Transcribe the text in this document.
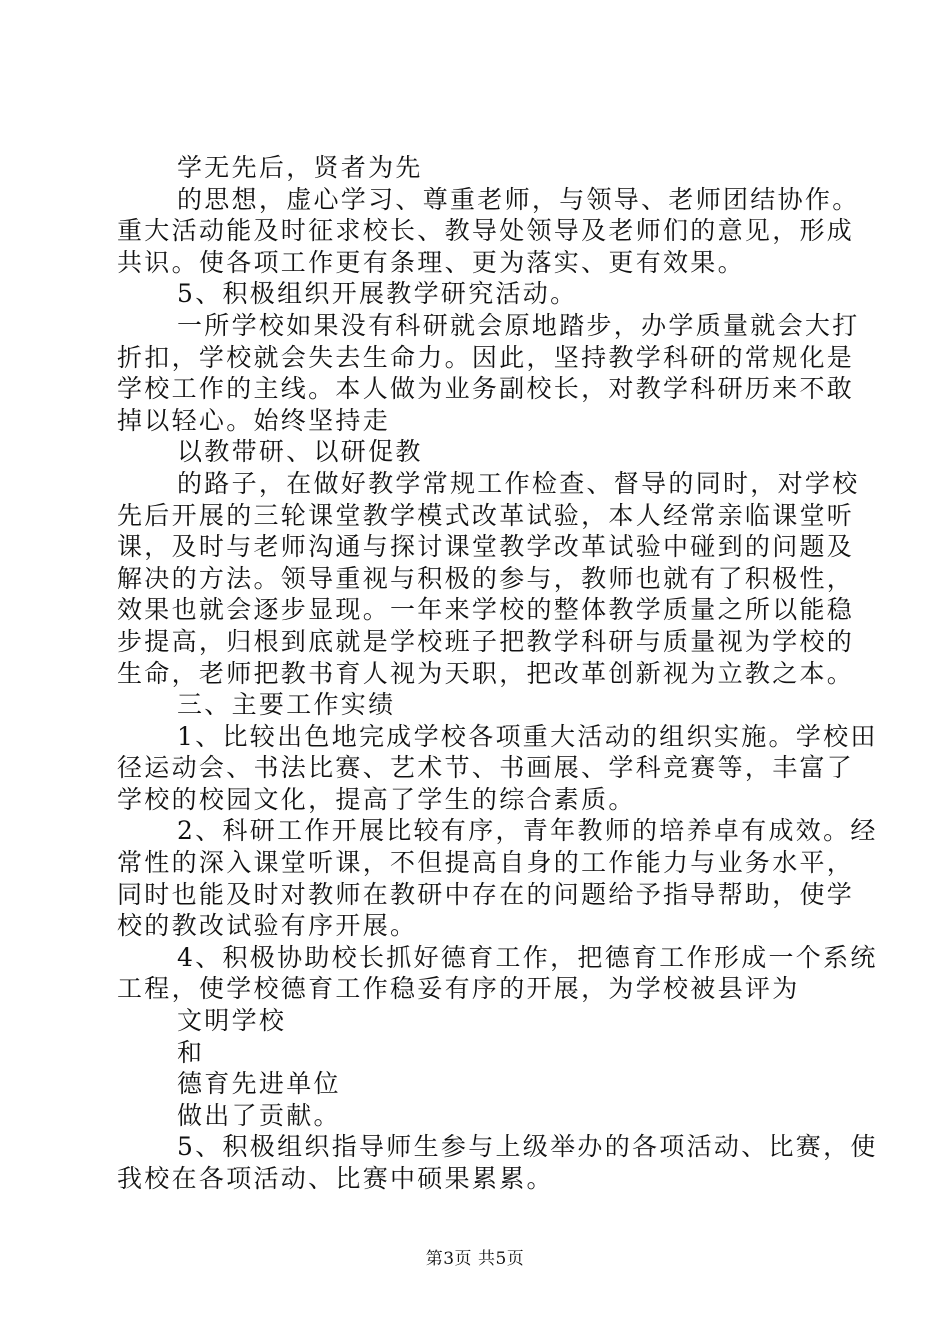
学无先后，贤者为先
的思想，虚心学习、尊重老师，与领导、老师团结协作。
重大活动能及时征求校长、教导处领导及老师们的意见，形成
共识。使各项工作更有条理、更为落实、更有效果。
5、积极组织开展教学研究活动。
一所学校如果没有科研就会原地踏步，办学质量就会大打
折扣，学校就会失去生命力。因此，坚持教学科研的常规化是
学校工作的主线。本人做为业务副校长，对教学科研历来不敢
掉以轻心。始终坚持走
以教带研、以研促教
的路子，在做好教学常规工作检查、督导的同时，对学校
先后开展的三轮课堂教学模式改革试验，本人经常亲临课堂听
课，及时与老师沟通与探讨课堂教学改革试验中碰到的问题及
解决的方法。领导重视与积极的参与，教师也就有了积极性，
效果也就会逐步显现。一年来学校的整体教学质量之所以能稳
步提高，归根到底就是学校班子把教学科研与质量视为学校的
生命，老师把教书育人视为天职，把改革创新视为立教之本。
三、主要工作实绩
1、比较出色地完成学校各项重大活动的组织实施。学校田
径运动会、书法比赛、艺术节、书画展、学科竞赛等，丰富了
学校的校园文化，提高了学生的综合素质。
2、科研工作开展比较有序，青年教师的培养卓有成效。经
常性的深入课堂听课，不但提高自身的工作能力与业务水平，
同时也能及时对教师在教研中存在的问题给予指导帮助，使学
校的教改试验有序开展。
4、积极协助校长抓好德育工作，把德育工作形成一个系统
工程，使学校德育工作稳妥有序的开展，为学校被县评为
文明学校
和
德育先进单位
做出了贡献。
5、积极组织指导师生参与上级举办的各项活动、比赛，使
我校在各项活动、比赛中硕果累累。
第3页 共5页
